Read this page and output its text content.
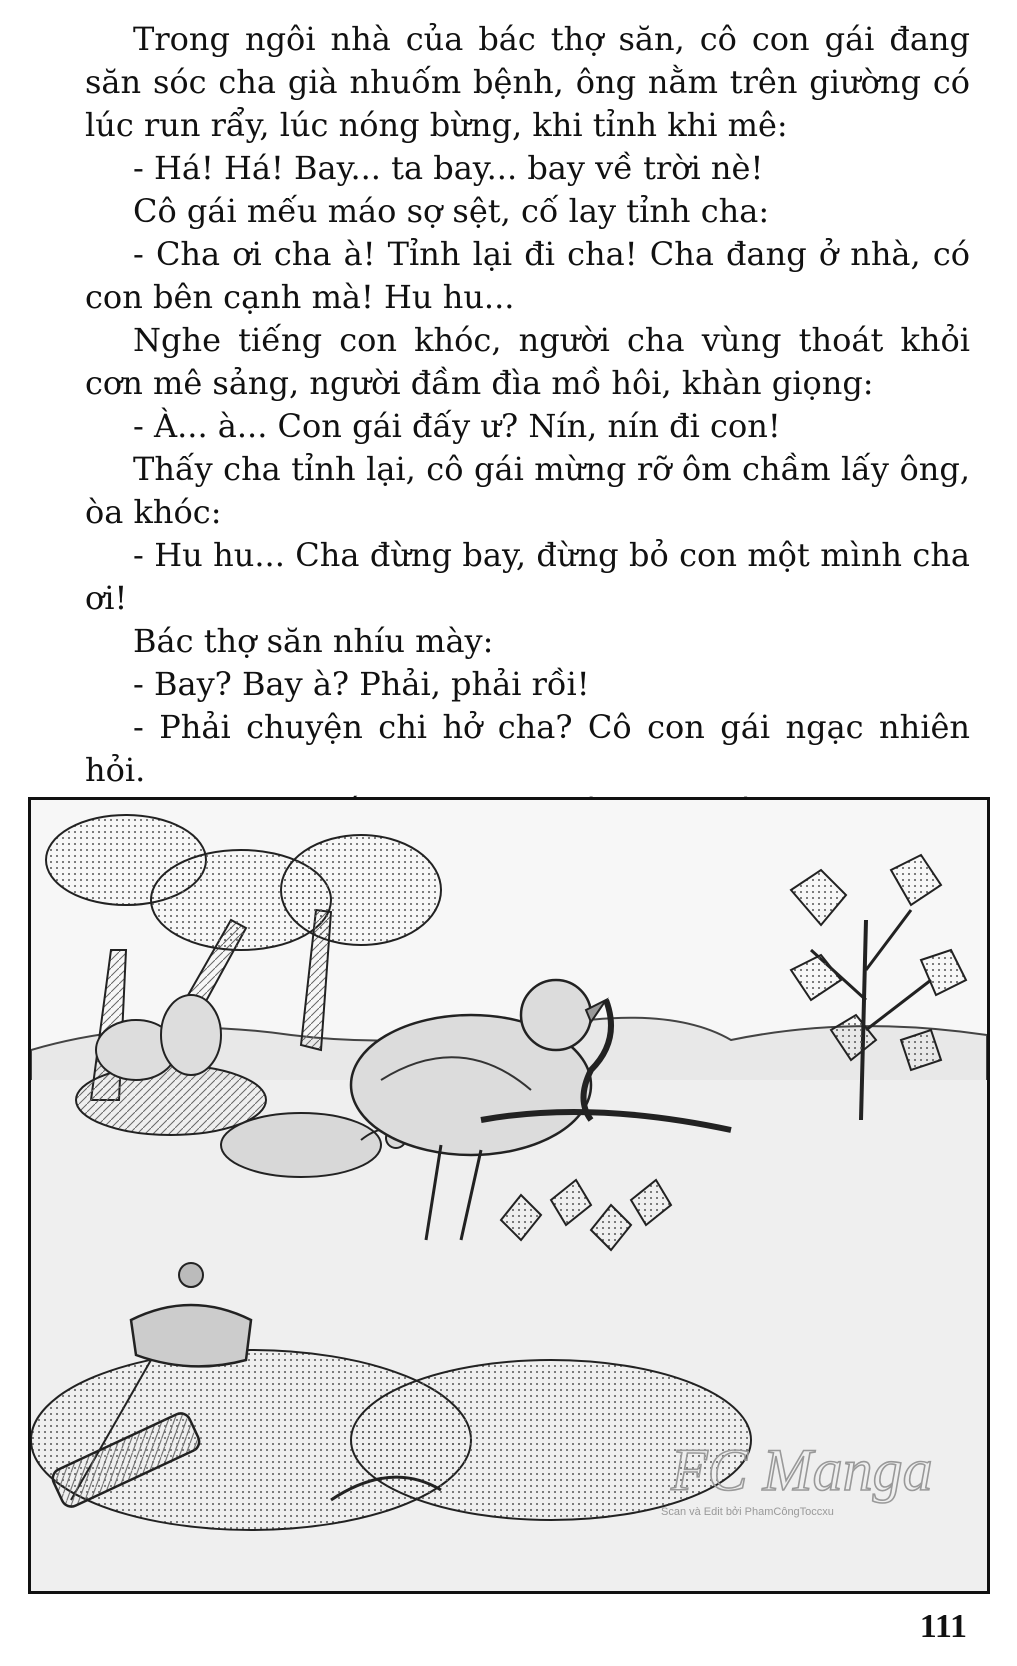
Trong ngôi nhà của bác thợ săn, cô con gái đang săn sóc cha già nhuốm bệnh, ông nằm trên giường có lúc run rẩy, lúc nóng bừng, khi tỉnh khi mê:

- Há! Há! Bay... ta bay... bay về trời nè!

Cô gái mếu máo sợ sệt, cố lay tỉnh cha:

- Cha ơi cha à! Tỉnh lại đi cha! Cha đang ở nhà, có con bên cạnh mà! Hu hu...

Nghe tiếng con khóc, người cha vùng thoát khỏi cơn mê sảng, người đầm đìa mồ hôi, khàn giọng:

- À... à... Con gái đấy ư? Nín, nín đi con!

Thấy cha tỉnh lại, cô gái mừng rỡ ôm chầm lấy ông, òa khóc:

- Hu hu... Cha đừng bay, đừng bỏ con một mình cha ơi!

Bác thợ săn nhíu mày:

- Bay? Bay à? Phải, phải rồi!

- Phải chuyện chi hở cha? Cô con gái ngạc nhiên hỏi.

FC Manga
Scan và Edit bởi PhamCôngToccxu
111
